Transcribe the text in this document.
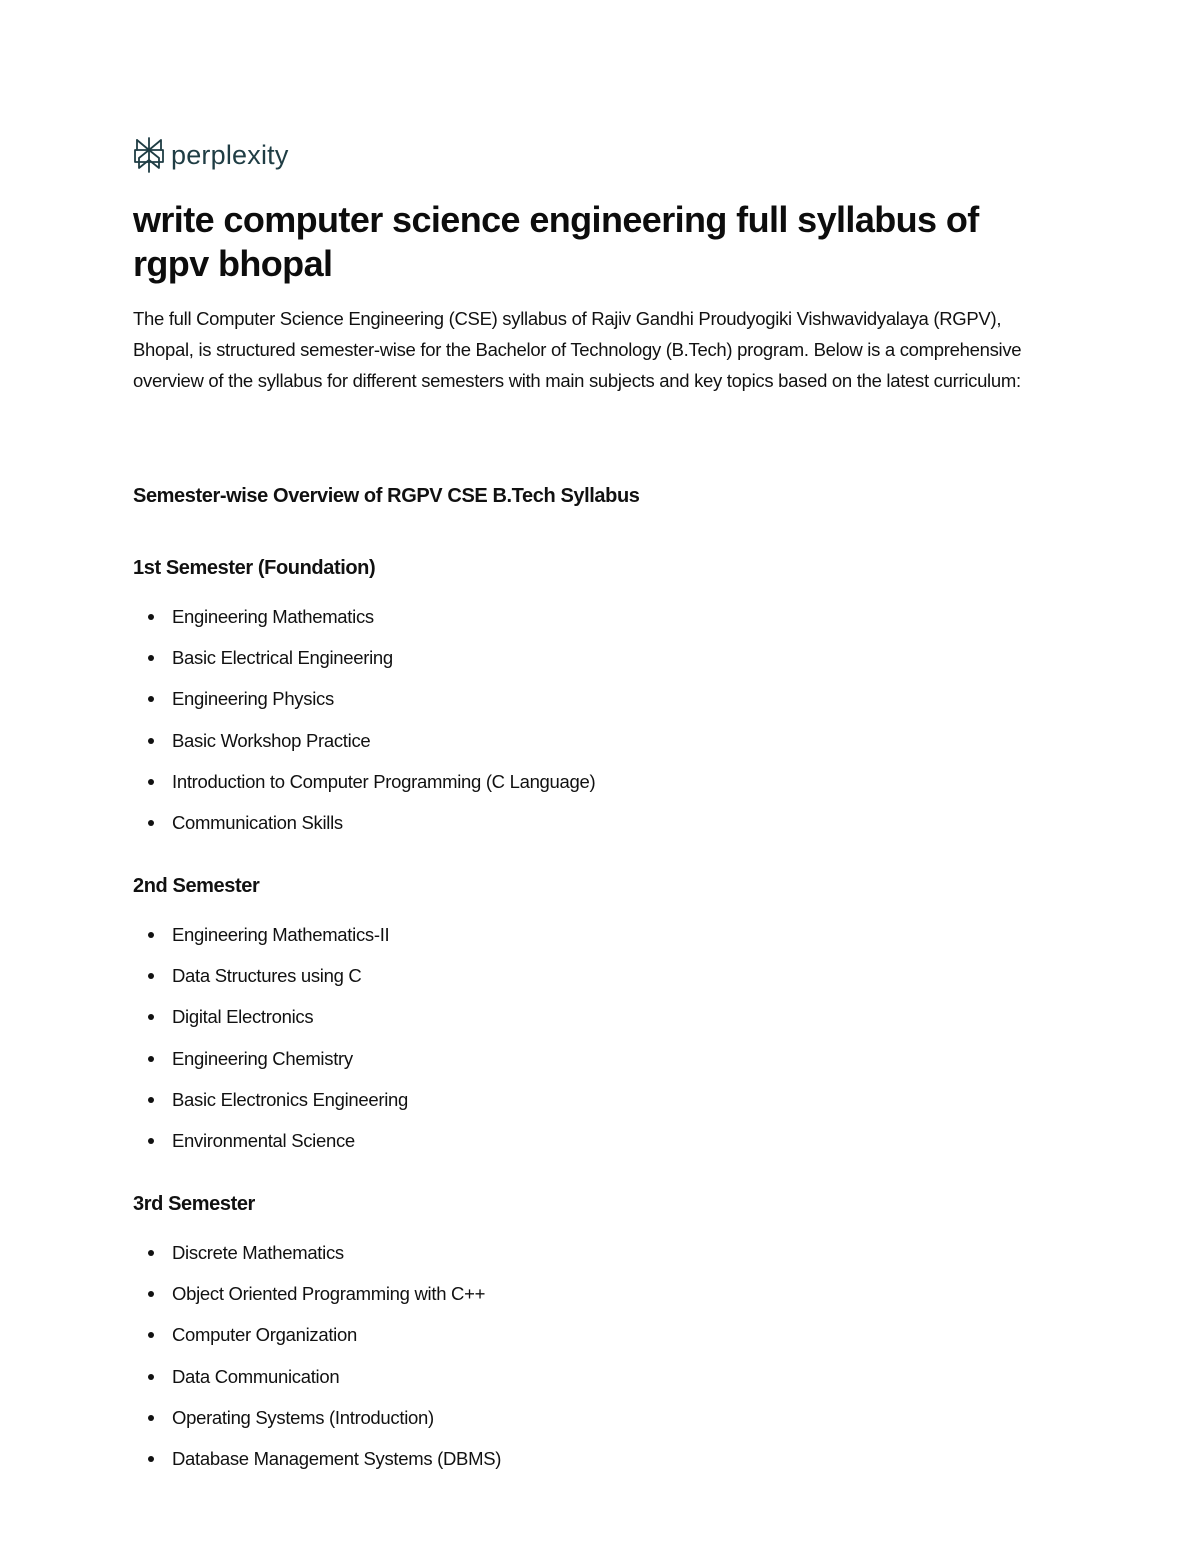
perplexity
write computer science engineering full syllabus of rgpv bhopal

The full Computer Science Engineering (CSE) syllabus of Rajiv Gandhi Proudyogiki Vishwavidyalaya (RGPV), Bhopal, is structured semester-wise for the Bachelor of Technology (B.Tech) program. Below is a comprehensive overview of the syllabus for different semesters with main subjects and key topics based on the latest curriculum:

Semester-wise Overview of RGPV CSE B.Tech Syllabus
1st Semester (Foundation)
Engineering Mathematics
Basic Electrical Engineering
Engineering Physics
Basic Workshop Practice
Introduction to Computer Programming (C Language)
Communication Skills
2nd Semester
Engineering Mathematics-II
Data Structures using C
Digital Electronics
Engineering Chemistry
Basic Electronics Engineering
Environmental Science
3rd Semester
Discrete Mathematics
Object Oriented Programming with C++
Computer Organization
Data Communication
Operating Systems (Introduction)
Database Management Systems (DBMS)
